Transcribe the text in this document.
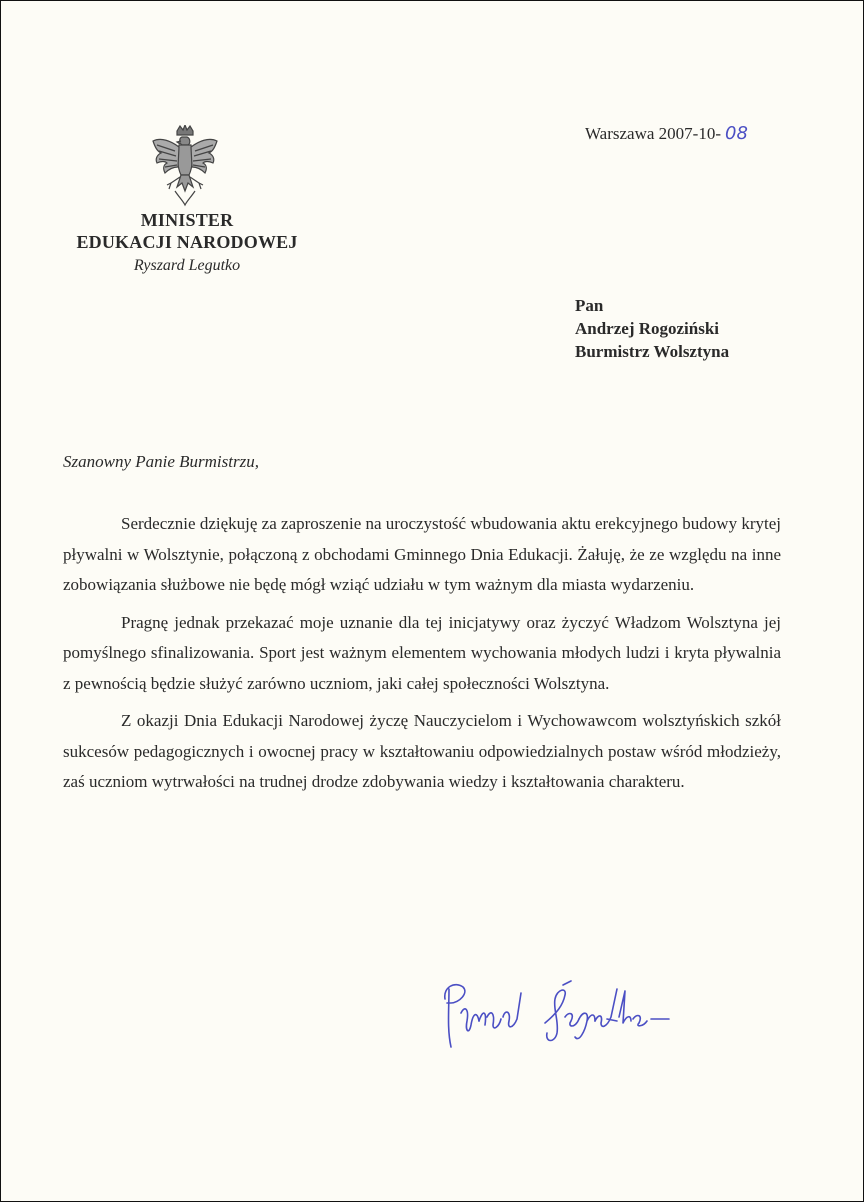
MINISTER
EDUKACJI NARODOWEJ
Ryszard Legutko
Warszawa 2007-10- 08
Pan
Andrzej Rogoziński
Burmistrz Wolsztyna
Szanowny Panie Burmistrzu,

Serdecznie dziękuję za zaproszenie na uroczystość wbudowania aktu erekcyjnego budowy krytej pływalni w Wolsztynie, połączoną z obchodami Gminnego Dnia Edukacji. Żałuję, że ze względu na inne zobowiązania służbowe nie będę mógł wziąć udziału w tym ważnym dla miasta wydarzeniu.

Pragnę jednak przekazać moje uznanie dla tej inicjatywy oraz życzyć Władzom Wolsztyna jej pomyślnego sfinalizowania. Sport jest ważnym elementem wychowania młodych ludzi i kryta pływalnia z pewnością będzie służyć zarówno uczniom, jaki całej społeczności Wolsztyna.

Z okazji Dnia Edukacji Narodowej życzę Nauczycielom i Wychowawcom wolsztyńskich szkół sukcesów pedagogicznych i owocnej pracy w kształtowaniu odpowiedzialnych postaw wśród młodzieży, zaś uczniom wytrwałości na trudnej drodze zdobywania wiedzy i kształtowania charakteru.
